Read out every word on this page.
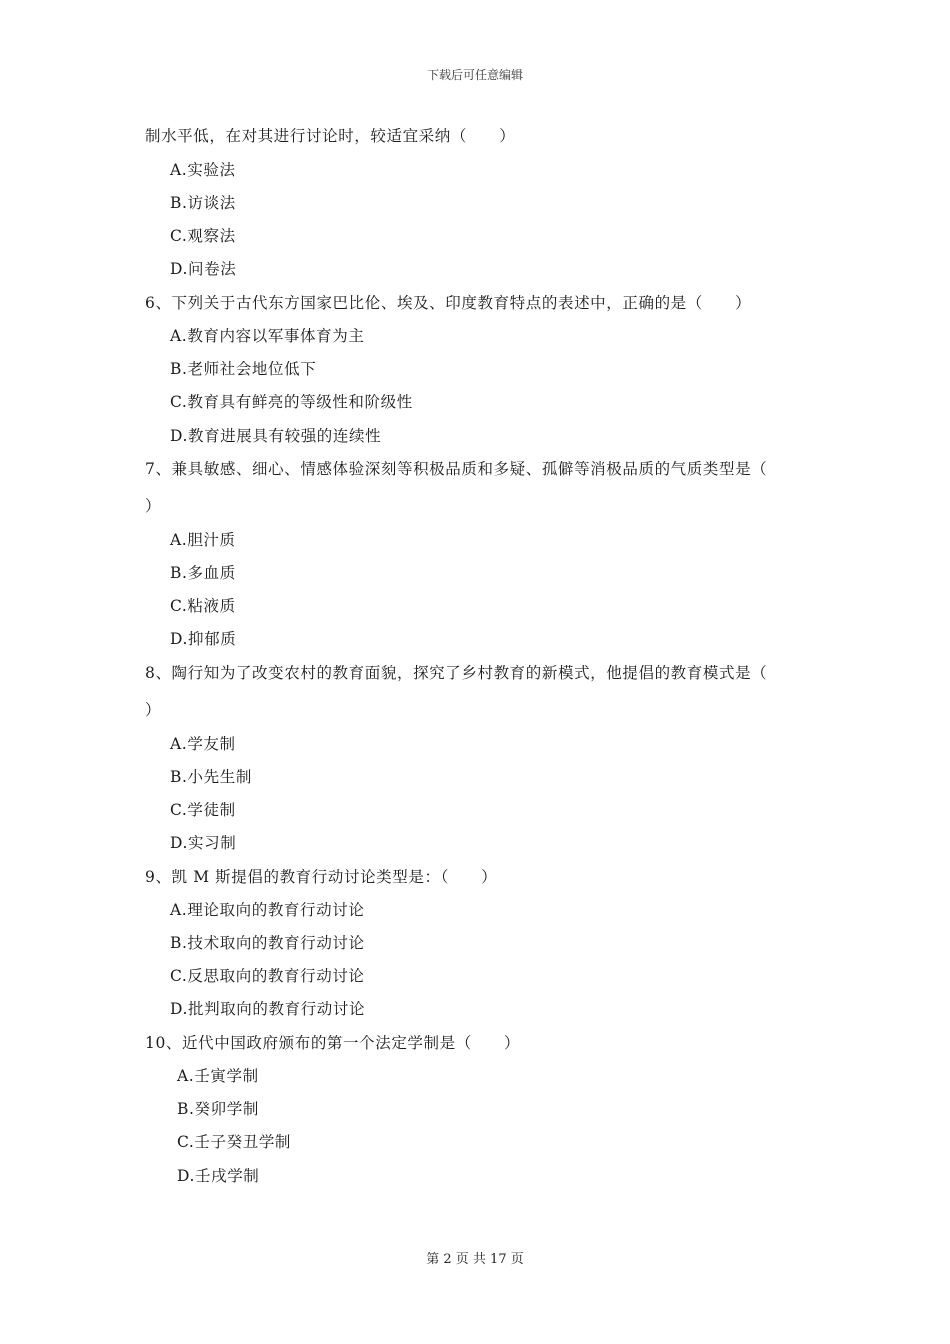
下载后可任意编辑
制水平低，在对其进行讨论时，较适宜采纳（　　）
A.实验法
B.访谈法
C.观察法
D.问卷法
6、下列关于古代东方国家巴比伦、埃及、印度教育特点的表述中，正确的是（　　）
A.教育内容以军事体育为主
B.老师社会地位低下
C.教育具有鲜亮的等级性和阶级性
D.教育进展具有较强的连续性
7、兼具敏感、细心、情感体验深刻等积极品质和多疑、孤僻等消极品质的气质类型是（
）
A.胆汁质
B.多血质
C.粘液质
D.抑郁质
8、陶行知为了改变农村的教育面貌，探究了乡村教育的新模式，他提倡的教育模式是（
）
A.学友制
B.小先生制
C.学徒制
D.实习制
9、凯 M 斯提倡的教育行动讨论类型是：（　　）
A.理论取向的教育行动讨论
B.技术取向的教育行动讨论
C.反思取向的教育行动讨论
D.批判取向的教育行动讨论
10、近代中国政府颁布的第一个法定学制是（　　）
A.壬寅学制
B.癸卯学制
C.壬子癸丑学制
D.壬戌学制
第 2 页 共 17 页
